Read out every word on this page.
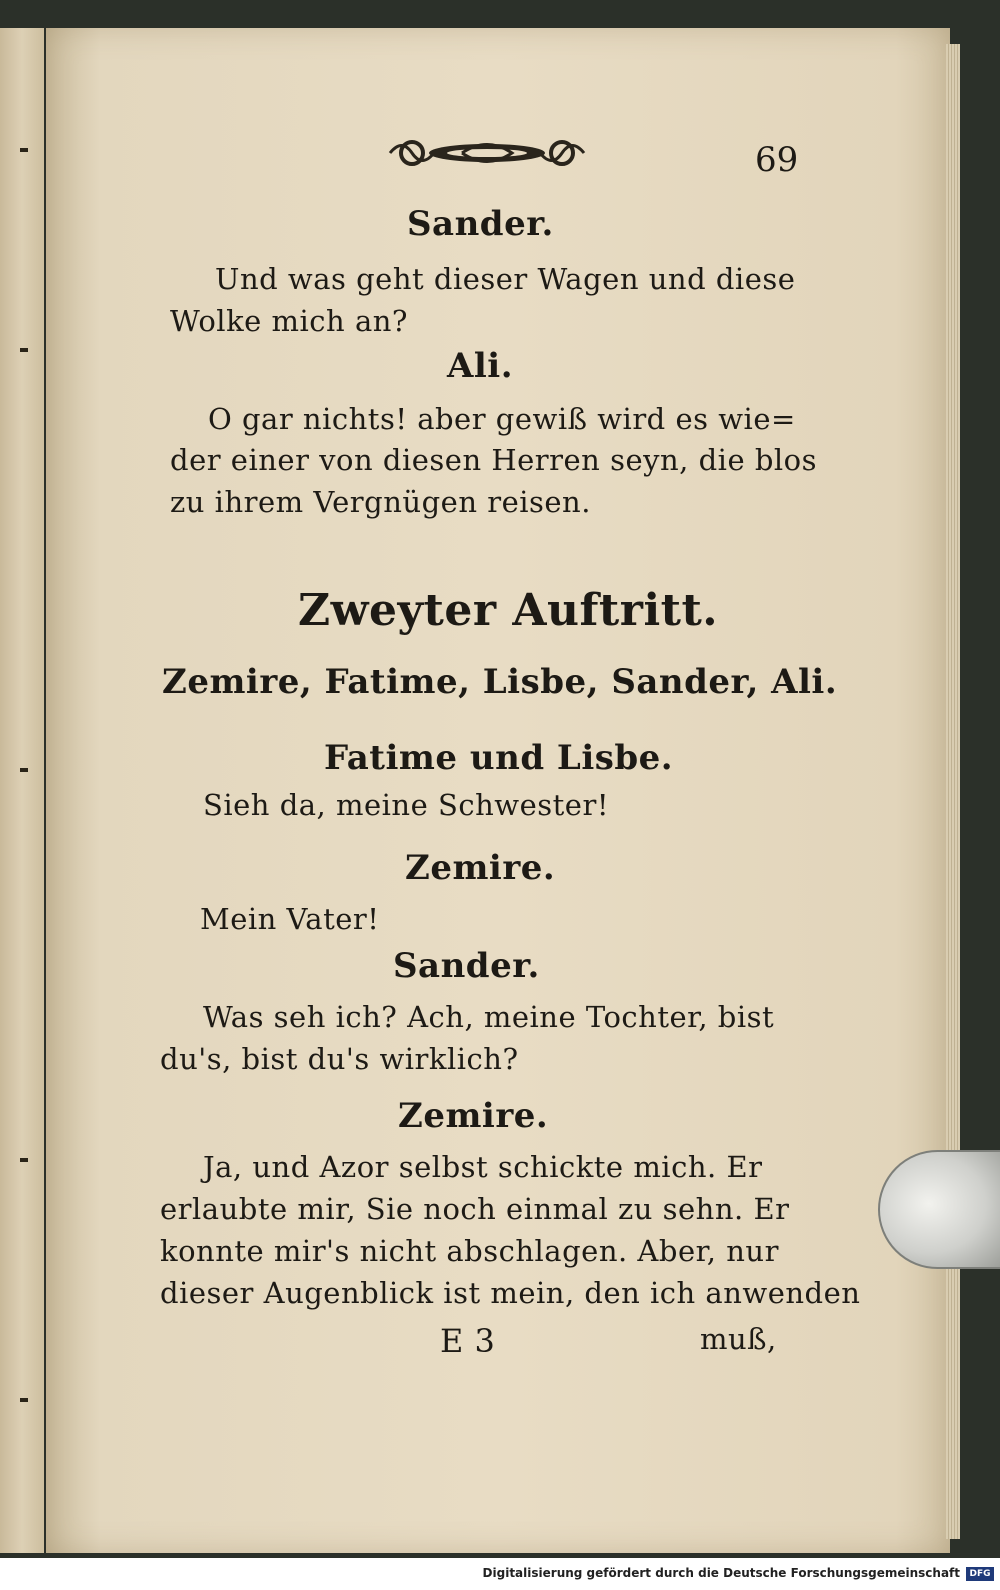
69
Sander.
Und was geht dieser Wagen und diese
Wolke mich an?
Ali.
O gar nichts! aber gewiß wird es wie=
der einer von diesen Herren seyn, die blos
zu ihrem Vergnügen reisen.
Zweyter Auftritt.
Zemire, Fatime, Lisbe, Sander, Ali.
Fatime und Lisbe.
Sieh da, meine Schwester!
Zemire.
Mein Vater!
Sander.
Was seh ich? Ach, meine Tochter, bist
du's, bist du's wirklich?
Zemire.
Ja, und Azor selbst schickte mich. Er
erlaubte mir, Sie noch einmal zu sehn. Er
konnte mir's nicht abschlagen. Aber, nur
dieser Augenblick ist mein, den ich anwenden
E 3	muß,
Digitalisierung gefördert durch die Deutsche Forschungsgemeinschaft	DFG
